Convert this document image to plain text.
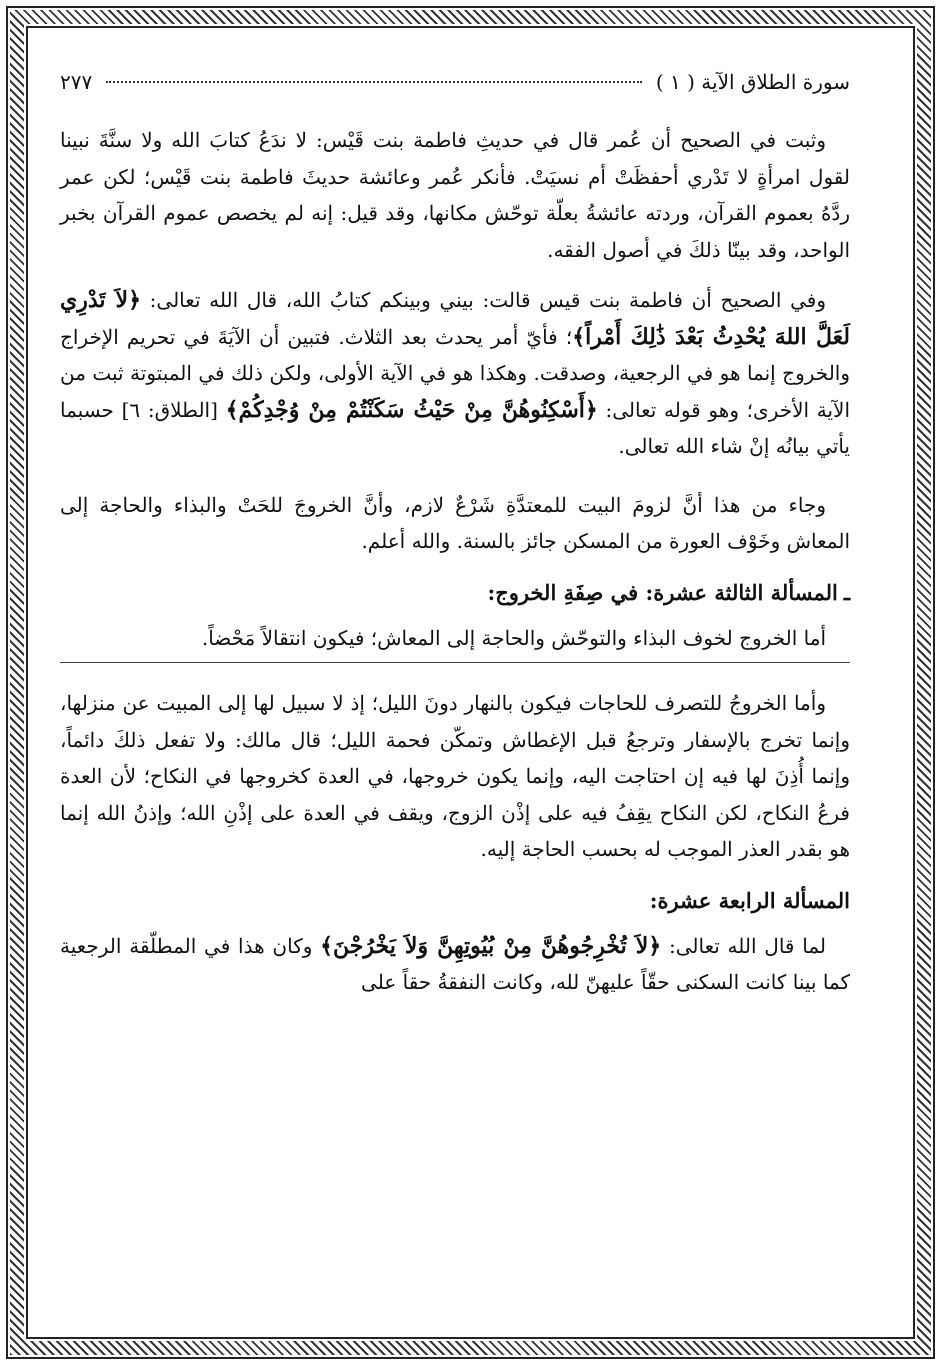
سورة الطلاق الآية ( ١ )
٢٧٧

وثبت في الصحيح أن عُمر قال في حديثِ فاطمة بنت قَيْس: لا ندَعُ كتابَ الله ولا سنَّةَ نبينا لقول امرأةٍ لا تَدْري أحفظَتْ أم نسيَتْ. فأنكر عُمر وعائشة حديثَ فاطمة بنت قَيْس؛ لكن عمر ردَّهُ بعموم القرآن، وردته عائشةُ بعلّة توحّش مكانها، وقد قيل: إنه لم يخصص عموم القرآن بخبر الواحد، وقد بينّا ذلكَ في أصول الفقه.

وفي الصحيح أن فاطمة بنت قيس قالت: بيني وبينكم كتابُ الله، قال الله تعالى: ﴿لاَ تَدْرِي لَعَلَّ اللهَ يُحْدِثُ بَعْدَ ذَٰلِكَ أَمْراً﴾؛ فأيّ أمر يحدث بعد الثلاث. فتبين أن الآيَةَ في تحريم الإخراج والخروج إنما هو في الرجعية، وصدقت. وهكذا هو في الآية الأولى، ولكن ذلك في المبتوتة ثبت من الآية الأخرى؛ وهو قوله تعالى: ﴿أَسْكِنُوهُنَّ مِنْ حَيْثُ سَكَنْتُمْ مِنْ وُجْدِكُمْ﴾ [الطلاق: ٦] حسبما يأتي بيانُه إنْ شاء الله تعالى.

وجاء من هذا أنَّ لزومَ البيت للمعتدَّةِ شَرْعٌ لازم، وأنَّ الخروجَ للحَتْ والبذاء والحاجة إلى المعاش وخَوْف العورة من المسكن جائز بالسنة. والله أعلم.

ـالمسألة الثالثة عشرة: في صِفَةِ الخروج:

أما الخروج لخوف البذاء والتوحّش والحاجة إلى المعاش؛ فيكون انتقالاً مَحْضاً.

وأما الخروجُ للتصرف للحاجات فيكون بالنهار دونَ الليل؛ إذ لا سبيل لها إلى المبيت عن منزلها، وإنما تخرج بالإسفار وترجعُ قبل الإغطاش وتمكّن فحمة الليل؛ قال مالك: ولا تفعل ذلكَ دائماً، وإنما أُذِنَ لها فيه إن احتاجت اليه، وإنما يكون خروجها، في العدة كخروجها في النكاح؛ لأن العدة فرعُ النكاح، لكن النكاح يقِفُ فيه على إذْن الزوج، ويقف في العدة على إذْنِ الله؛ وإذنُ الله إنما هو بقدر العذر الموجب له بحسب الحاجة إليه.

المسألة الرابعة عشرة:

لما قال الله تعالى: ﴿لاَ تُخْرِجُوهُنَّ مِنْ بُيُوتِهِنَّ وَلاَ يَخْرُجْنَ﴾ وكان هذا في المطلّقة الرجعية كما بينا كانت السكنى حقّاً عليهنّ لله، وكانت النفقةُ حقاً على
